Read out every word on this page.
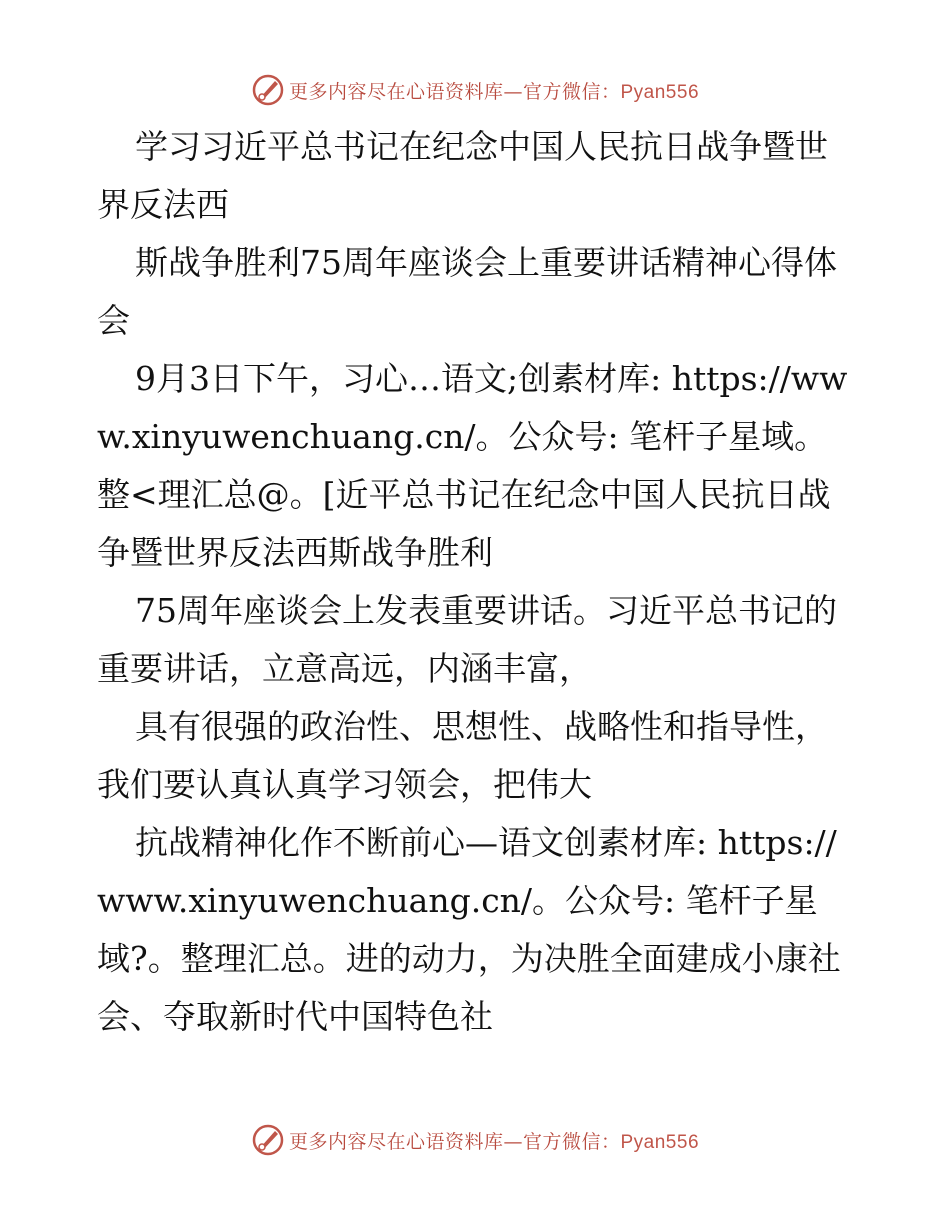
更多内容尽在心语资料库—官方微信：Pyan556

学习习近平总书记在纪念中国人民抗日战争暨世界反法西

斯战争胜利75周年座谈会上重要讲话精神心得体会

9月3日下午，习心…语文;创素材库: https://www.xinyuwenchuang.cn/。公众号: 笔杆子星域。整<理汇总@。[近平总书记在纪念中国人民抗日战争暨世界反法西斯战争胜利

75周年座谈会上发表重要讲话。习近平总书记的重要讲话，立意高远，内涵丰富，

具有很强的政治性、思想性、战略性和指导性，我们要认真认真学习领会，把伟大

抗战精神化作不断前心—语文创素材库: https://www.xinyuwenchuang.cn/。公众号: 笔杆子星域?。整理汇总。进的动力，为决胜全面建成小康社会、夺取新时代中国特色社

更多内容尽在心语资料库—官方微信：Pyan556
